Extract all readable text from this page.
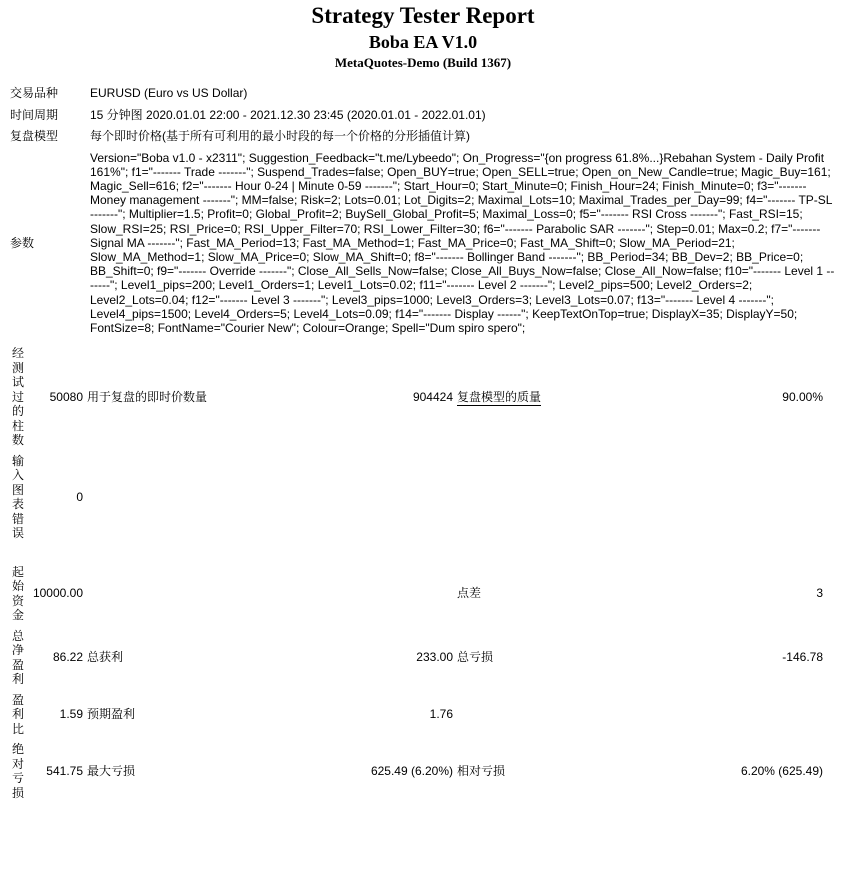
Strategy Tester Report
Boba EA V1.0
MetaQuotes-Demo (Build 1367)
交易品种	EURUSD (Euro vs US Dollar)
时间周期	15 分钟图 2020.01.01 22:00 - 2021.12.30 23:45 (2020.01.01 - 2022.01.01)
复盘模型	每个即时价格(基于所有可利用的最小时段的每一个价格的分形插值计算)
参数	Version="Boba v1.0 - x2311"; Suggestion_Feedback="t.me/Lybeedo"; On_Progress="{on progress 61.8%...}Rebahan System - Daily Profit 161%"; f1="------- Trade -------"; Suspend_Trades=false; Open_BUY=true; Open_SELL=true; Open_on_New_Candle=true; Magic_Buy=161; Magic_Sell=616; f2="------- Hour 0-24 | Minute 0-59 -------"; Start_Hour=0; Start_Minute=0; Finish_Hour=24; Finish_Minute=0; f3="------- Money management -------"; MM=false; Risk=2; Lots=0.01; Lot_Digits=2; Maximal_Lots=10; Maximal_Trades_per_Day=99; f4="------- TP-SL -------"; Multiplier=1.5; Profit=0; Global_Profit=2; BuySell_Global_Profit=5; Maximal_Loss=0; f5="------- RSI Cross -------"; Fast_RSI=15; Slow_RSI=25; RSI_Price=0; RSI_Upper_Filter=70; RSI_Lower_Filter=30; f6="------- Parabolic SAR -------"; Step=0.01; Max=0.2; f7="------- Signal MA -------"; Fast_MA_Period=13; Fast_MA_Method=1; Fast_MA_Price=0; Fast_MA_Shift=0; Slow_MA_Period=21; Slow_MA_Method=1; Slow_MA_Price=0; Slow_MA_Shift=0; f8="------- Bollinger Band -------"; BB_Period=34; BB_Dev=2; BB_Price=0; BB_Shift=0; f9="------- Override -------"; Close_All_Sells_Now=false; Close_All_Buys_Now=false; Close_All_Now=false; f10="------- Level 1 -------"; Level1_pips=200; Level1_Orders=1; Level1_Lots=0.02; f11="------- Level 2 -------"; Level2_pips=500; Level2_Orders=2; Level2_Lots=0.04; f12="------- Level 3 -------"; Level3_pips=1000; Level3_Orders=3; Level3_Lots=0.07; f13="------- Level 4 -------"; Level4_pips=1500; Level4_Orders=5; Level4_Lots=0.09; f14="------- Display ------"; KeepTextOnTop=true; DisplayX=35; DisplayY=50; FontSize=8; FontName="Courier New"; Colour=Orange; Spell="Dum spiro spero";
经测试过的柱数	50080	用于复盘的即时价数量	904424	复盘模型的质量	90.00%
输入图表错误	0				

起始资金	10000.00			点差	3
总净盈利	86.22	总获利	233.00	总亏损	-146.78
盈利比	1.59	预期盈利	1.76		
绝对亏损	541.75	最大亏损	625.49 (6.20%)	相对亏损	6.20% (625.49)
